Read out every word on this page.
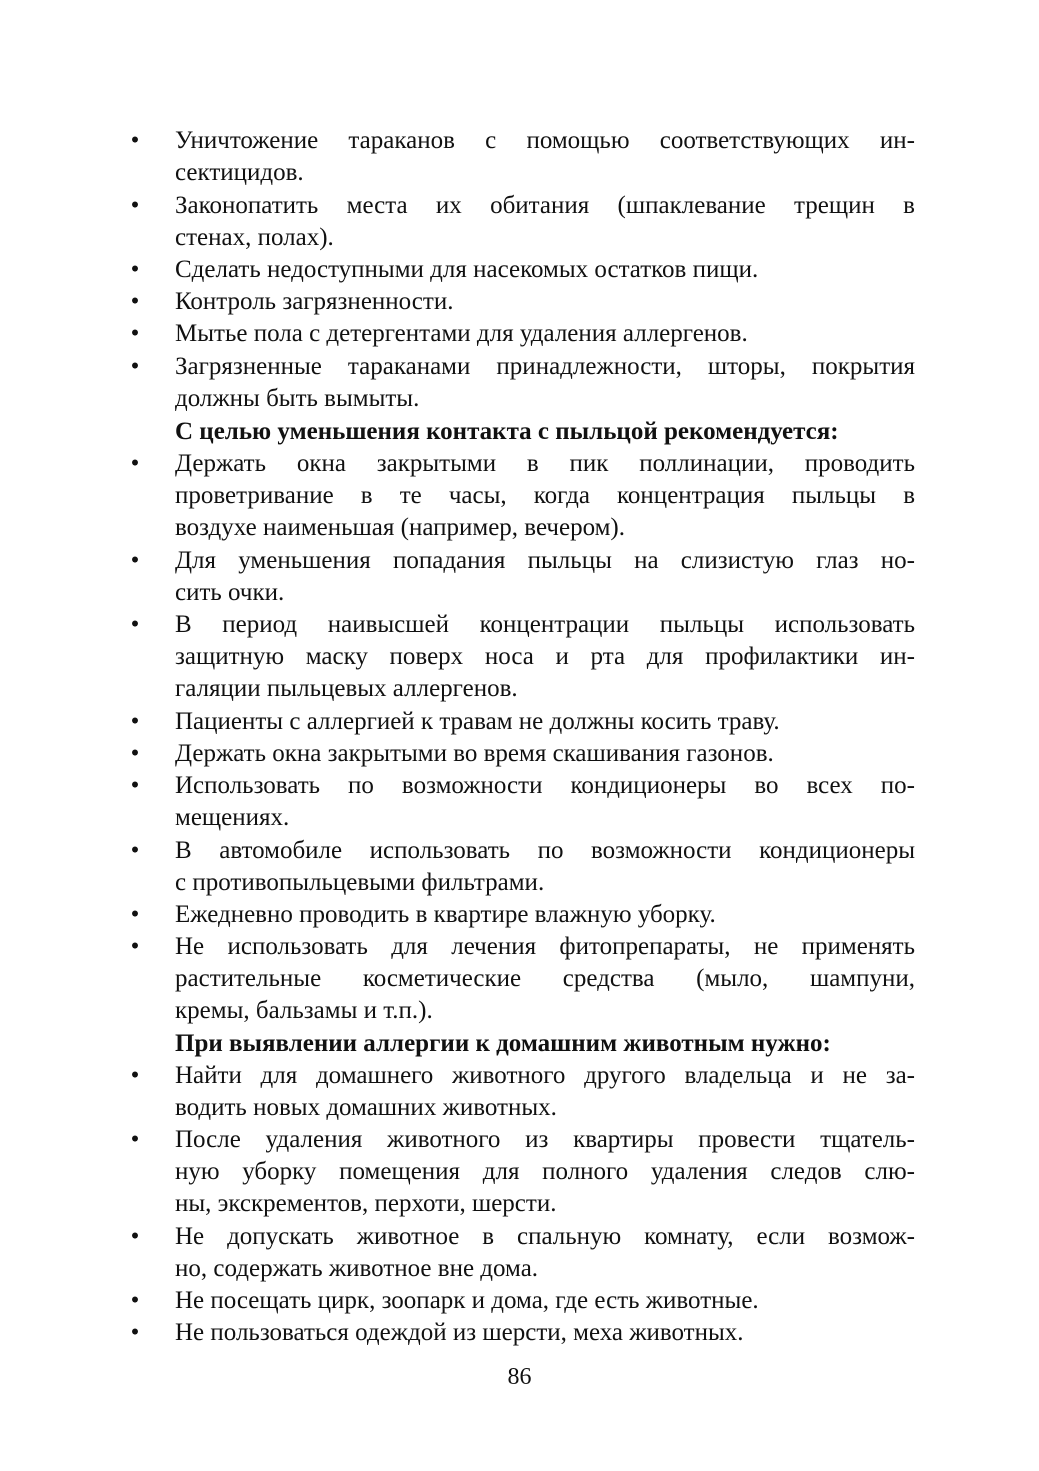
• Уничтожение тараканов с помощью соответствующих ин-
сектицидов.
• Законопатить места их обитания (шпаклевание трещин в
стенах, полах).
• Сделать недоступными для насекомых остатков пищи.
• Контроль загрязненности.
• Мытье пола с детергентами для удаления аллергенов.
• Загрязненные тараканами принадлежности, шторы, покрытия
должны быть вымыты.
С целью уменьшения контакта с пыльцой рекомендуется:
• Держать окна закрытыми в пик поллинации, проводить
проветривание в те часы, когда концентрация пыльцы в
воздухе наименьшая (например, вечером).
• Для уменьшения попадания пыльцы на слизистую глаз но-
сить очки.
• В период наивысшей концентрации пыльцы использовать
защитную маску поверх носа и рта для профилактики ин-
галяции пыльцевых аллергенов.
• Пациенты с аллергией к травам не должны косить траву.
• Держать окна закрытыми во время скашивания газонов.
• Использовать по возможности кондиционеры во всех по-
мещениях.
• В автомобиле использовать по возможности кондиционеры
с противопыльцевыми фильтрами.
• Ежедневно проводить в квартире влажную уборку.
• Не использовать для лечения фитопрепараты, не применять
растительные косметические средства (мыло, шампуни,
кремы, бальзамы и т.п.).
При выявлении аллергии к домашним животным нужно:
• Найти для домашнего животного другого владельца и не за-
водить новых домашних животных.
• После удаления животного из квартиры провести тщатель-
ную уборку помещения для полного удаления следов слю-
ны, экскрементов, перхоти, шерсти.
• Не допускать животное в спальную комнату, если возмож-
но, содержать животное вне дома.
• Не посещать цирк, зоопарк и дома, где есть животные.
• Не пользоваться одеждой из шерсти, меха животных.
86
